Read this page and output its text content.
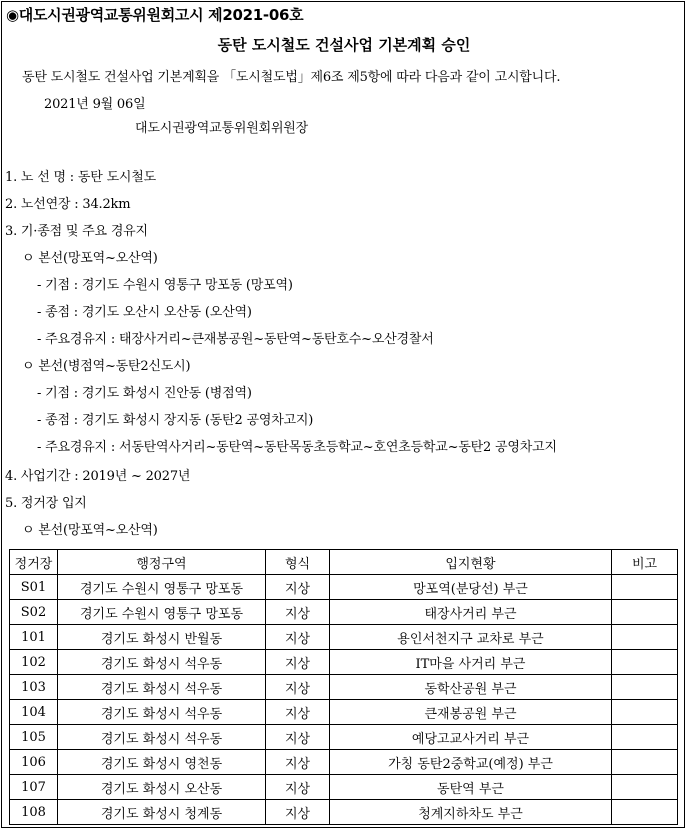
◉대도시권광역교통위원회고시 제2021-06호
동탄 도시철도 건설사업 기본계획 승인
동탄 도시철도 건설사업 기본계획을 「도시철도법」제6조 제5항에 따라 다음과 같이 고시합니다.
2021년 9월 06일
대도시권광역교통위원회위원장
1. 노 선 명 : 동탄 도시철도
2. 노선연장 : 34.2km
3. 기·종점 및 주요 경유지
ㅇ 본선(망포역~오산역)
- 기점 : 경기도 수원시 영통구 망포동 (망포역)
- 종점 : 경기도 오산시 오산동 (오산역)
- 주요경유지 : 태장사거리~큰재봉공원~동탄역~동탄호수~오산경찰서
ㅇ 본선(병점역~동탄2신도시)
- 기점 : 경기도 화성시 진안동 (병점역)
- 종점 : 경기도 화성시 장지동 (동탄2 공영차고지)
- 주요경유지 : 서동탄역사거리~동탄역~동탄목동초등학교~호연초등학교~동탄2 공영차고지
4. 사업기간 : 2019년 ~ 2027년
5. 정거장 입지
ㅇ 본선(망포역~오산역)
정거장	행정구역	형식	입지현황	비고
S01	경기도 수원시 영통구 망포동	지상	망포역(분당선) 부근	
S02	경기도 수원시 영통구 망포동	지상	태장사거리 부근	
101	경기도 화성시 반월동	지상	용인서천지구 교차로 부근	
102	경기도 화성시 석우동	지상	IT마을 사거리 부근	
103	경기도 화성시 석우동	지상	동학산공원 부근	
104	경기도 화성시 석우동	지상	큰재봉공원 부근	
105	경기도 화성시 석우동	지상	예당고교사거리 부근	
106	경기도 화성시 영천동	지상	가칭 동탄2중학교(예정) 부근	
107	경기도 화성시 오산동	지상	동탄역 부근	
108	경기도 화성시 청계동	지상	청계지하차도 부근	
